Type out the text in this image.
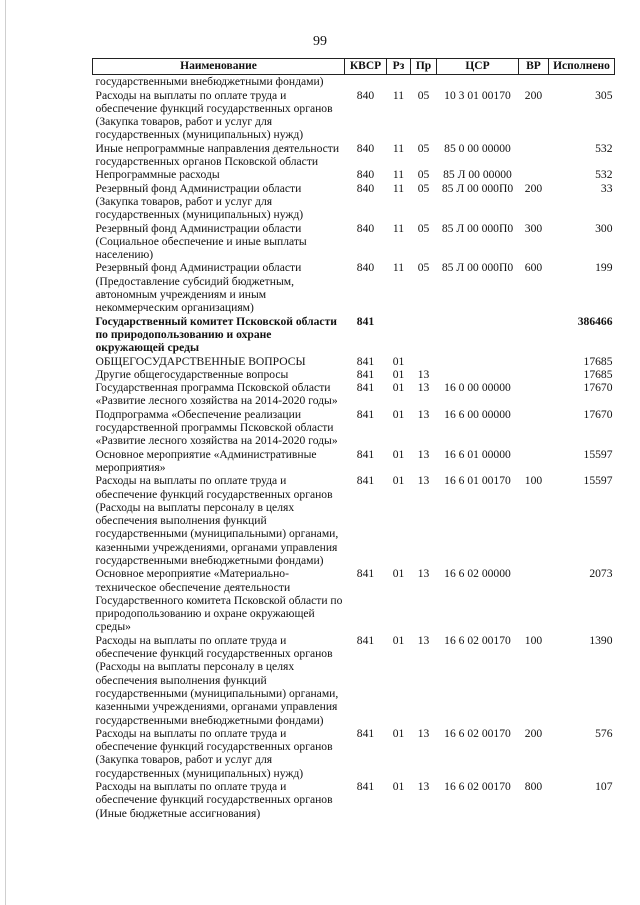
99
Наименование	КВСР	Рз	Пр	ЦСР	ВР	Исполнено
государственными внебюджетными фондами)						
Расходы на выплаты по оплате труда и обеспечение функций государственных органов (Закупка товаров, работ и услуг для государственных (муниципальных) нужд)	840	11	05	10 3 01 00170	200	305
Иные непрограммные направления деятельности государственных органов Псковской области	840	11	05	85 0 00 00000		532
Непрограммные расходы	840	11	05	85 Л 00 00000		532
Резервный фонд Администрации области (Закупка товаров, работ и услуг для государственных (муниципальных) нужд)	840	11	05	85 Л 00 000П0	200	33
Резервный фонд Администрации области (Социальное обеспечение и иные выплаты населению)	840	11	05	85 Л 00 000П0	300	300
Резервный фонд Администрации области (Предоставление субсидий бюджетным, автономным учреждениям и иным некоммерческим организациям)	840	11	05	85 Л 00 000П0	600	199
Государственный комитет Псковской области по природопользованию и охране окружающей среды	841					386466
ОБЩЕГОСУДАРСТВЕННЫЕ ВОПРОСЫ	841	01				17685
Другие общегосударственные вопросы	841	01	13			17685
Государственная программа Псковской области «Развитие лесного хозяйства на 2014-2020 годы»	841	01	13	16 0 00 00000		17670
Подпрограмма «Обеспечение реализации государственной программы Псковской области «Развитие лесного хозяйства на 2014-2020 годы»	841	01	13	16 6 00 00000		17670
Основное мероприятие «Административные мероприятия»	841	01	13	16 6 01 00000		15597
Расходы на выплаты по оплате труда и обеспечение функций государственных органов (Расходы на выплаты персоналу в целях обеспечения выполнения функций государственными (муниципальными) органами, казенными учреждениями, органами управления государственными внебюджетными фондами)	841	01	13	16 6 01 00170	100	15597
Основное мероприятие «Материально-техническое обеспечение деятельности Государственного комитета Псковской области по природопользованию и охране окружающей среды»	841	01	13	16 6 02 00000		2073
Расходы на выплаты по оплате труда и обеспечение функций государственных органов (Расходы на выплаты персоналу в целях обеспечения выполнения функций государственными (муниципальными) органами, казенными учреждениями, органами управления государственными внебюджетными фондами)	841	01	13	16 6 02 00170	100	1390
Расходы на выплаты по оплате труда и обеспечение функций государственных органов (Закупка товаров, работ и услуг для государственных (муниципальных) нужд)	841	01	13	16 6 02 00170	200	576
Расходы на выплаты по оплате труда и обеспечение функций государственных органов (Иные бюджетные ассигнования)	841	01	13	16 6 02 00170	800	107
